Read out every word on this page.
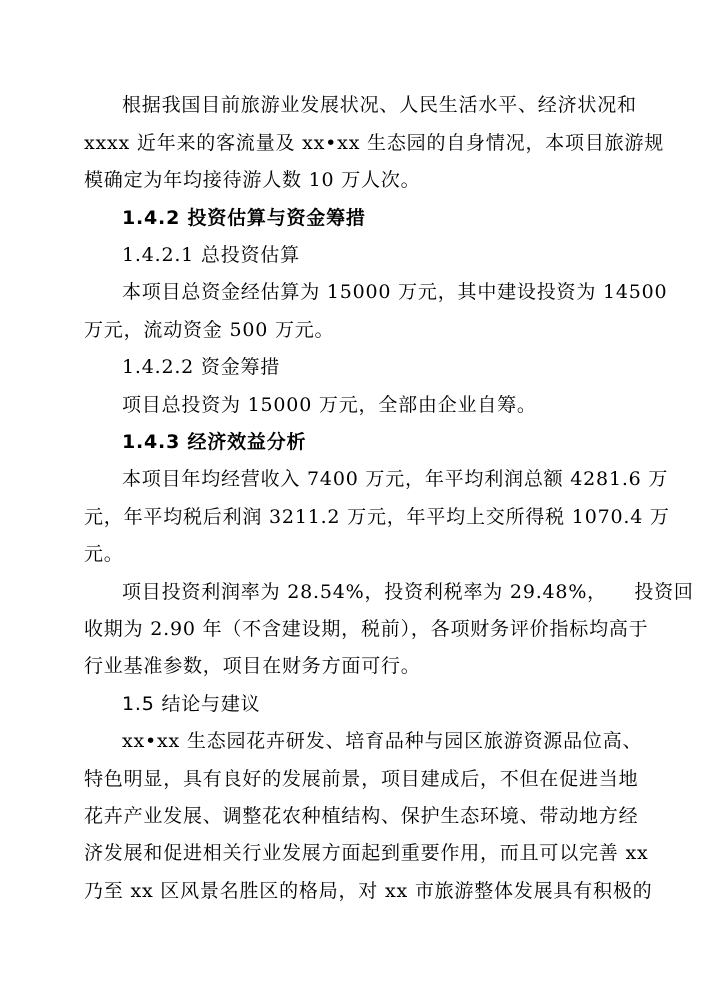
根据我国目前旅游业发展状况、人民生活水平、经济状况和
xxxx 近年来的客流量及 xx•xx 生态园的自身情况，本项目旅游规
模确定为年均接待游人数 10 万人次。
1.4.2 投资估算与资金筹措
1.4.2.1 总投资估算
本项目总资金经估算为 15000 万元，其中建设投资为 14500
万元，流动资金 500 万元。
1.4.2.2 资金筹措
项目总投资为 15000 万元，全部由企业自筹。
1.4.3 经济效益分析
本项目年均经营收入 7400 万元，年平均利润总额 4281.6 万
元，年平均税后利润 3211.2 万元，年平均上交所得税 1070.4 万
元。
项目投资利润率为 28.54%，投资利税率为 29.48%，    投资回
收期为 2.90 年（不含建设期，税前），各项财务评价指标均高于
行业基准参数，项目在财务方面可行。
1.5 结论与建议
xx•xx 生态园花卉研发、培育品种与园区旅游资源品位高、
特色明显，具有良好的发展前景，项目建成后，不但在促进当地
花卉产业发展、调整花农种植结构、保护生态环境、带动地方经
济发展和促进相关行业发展方面起到重要作用，而且可以完善 xx
乃至 xx 区风景名胜区的格局，对 xx 市旅游整体发展具有积极的
